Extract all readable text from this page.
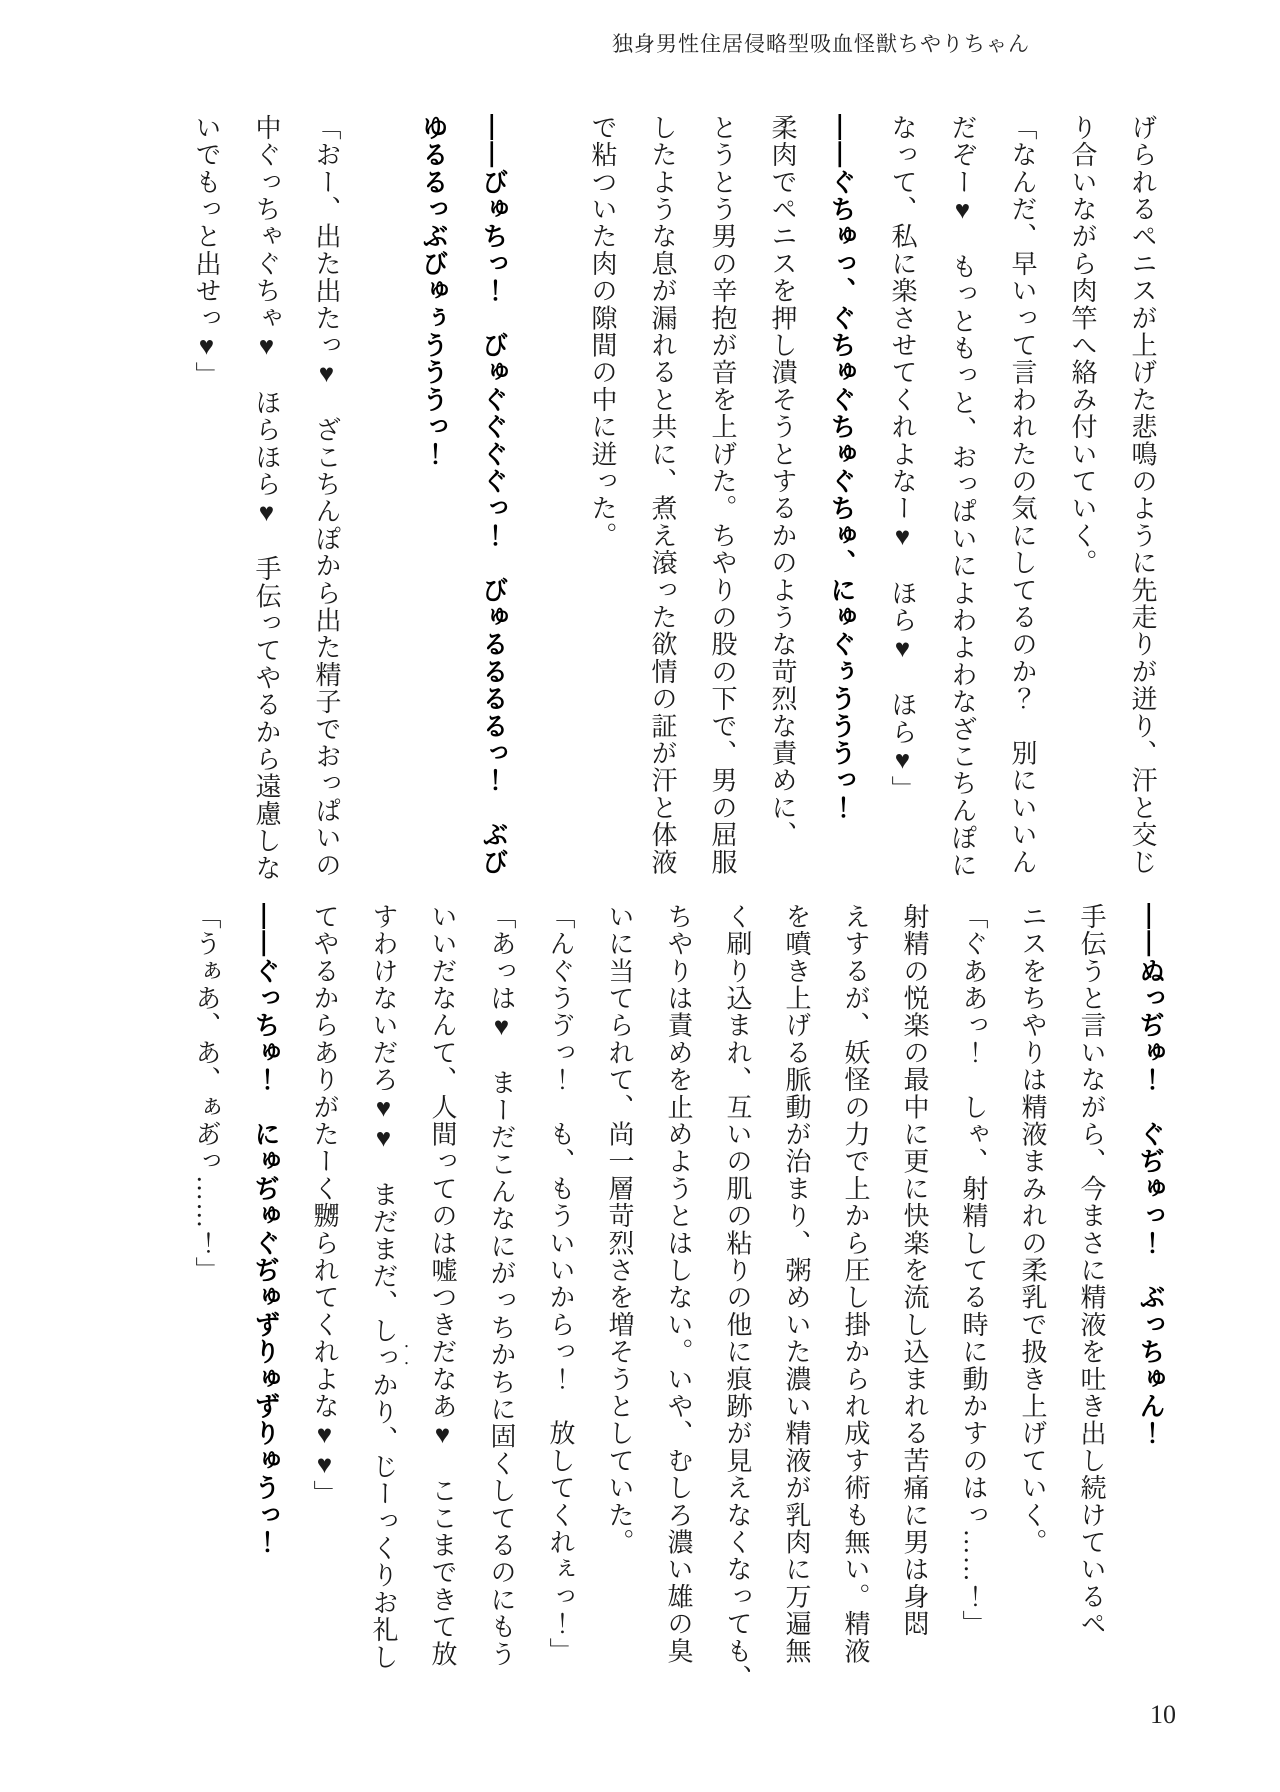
独身男性住居侵略型吸血怪獣ちやりちゃん

げられるペニスが上げた悲鳴のように先走りが迸り、汗と交じ

り合いながら肉竿へ絡み付いていく。

「なんだ、早いって言われたの気にしてるのか？　別にいいん

だぞー♥　もっともっと、おっぱいによわよわなざこちんぽに

なって、私に楽させてくれよなー♥　ほら♥　ほら♥」

――ぐちゅっ、ぐちゅぐちゅぐちゅ、にゅぐぅうううっ！

柔肉でペニスを押し潰そうとするかのような苛烈な責めに、

とうとう男の辛抱が音を上げた。ちやりの股の下で、男の屈服

したような息が漏れると共に、煮え滾った欲情の証が汗と体液

で粘ついた肉の隙間の中に迸った。

――びゅちっ！　びゅぐぐぐぐっ！　びゅるるるるっ！　ぶび

ゆるるっぶびゅぅうううっ！

「おー、出た出たっ♥　ざこちんぽから出た精子でおっぱいの

中ぐっちゃぐちゃ♥　ほらほら♥　手伝ってやるから遠慮しな

いでもっと出せっ♥」

――ぬっぢゅ！　ぐぢゅっ！　ぶっちゅん！

手伝うと言いながら、今まさに精液を吐き出し続けているペ

ニスをちやりは精液まみれの柔乳で扱き上げていく。

「ぐああっ！　しゃ、射精してる時に動かすのはっ……！」

射精の悦楽の最中に更に快楽を流し込まれる苦痛に男は身悶

えするが、妖怪の力で上から圧し掛かられ成す術も無い。精液

を噴き上げる脈動が治まり、粥めいた濃い精液が乳肉に万遍無

く刷り込まれ、互いの肌の粘りの他に痕跡が見えなくなっても、

ちやりは責めを止めようとはしない。いや、むしろ濃い雄の臭

いに当てられて、尚一層苛烈さを増そうとしていた。

「んぐうゔっ！　も、もういいからっ！　放してくれぇっ！」

「あっは♥　まーだこんなにがっちかちに固くしてるのにもう

いいだなんて、人間ってのは嘘つきだなあ♥　ここまできて放

すわけないだろ♥♥　まだまだ、しっかり、じーっくりお礼し

てやるからありがたーく嬲られてくれよな♥♥」

――ぐっちゅ！　にゅぢゅぐぢゅずりゅずりゅうっ！

「うぁあ、あ、ぁあ゙っ……！」

・・
10
